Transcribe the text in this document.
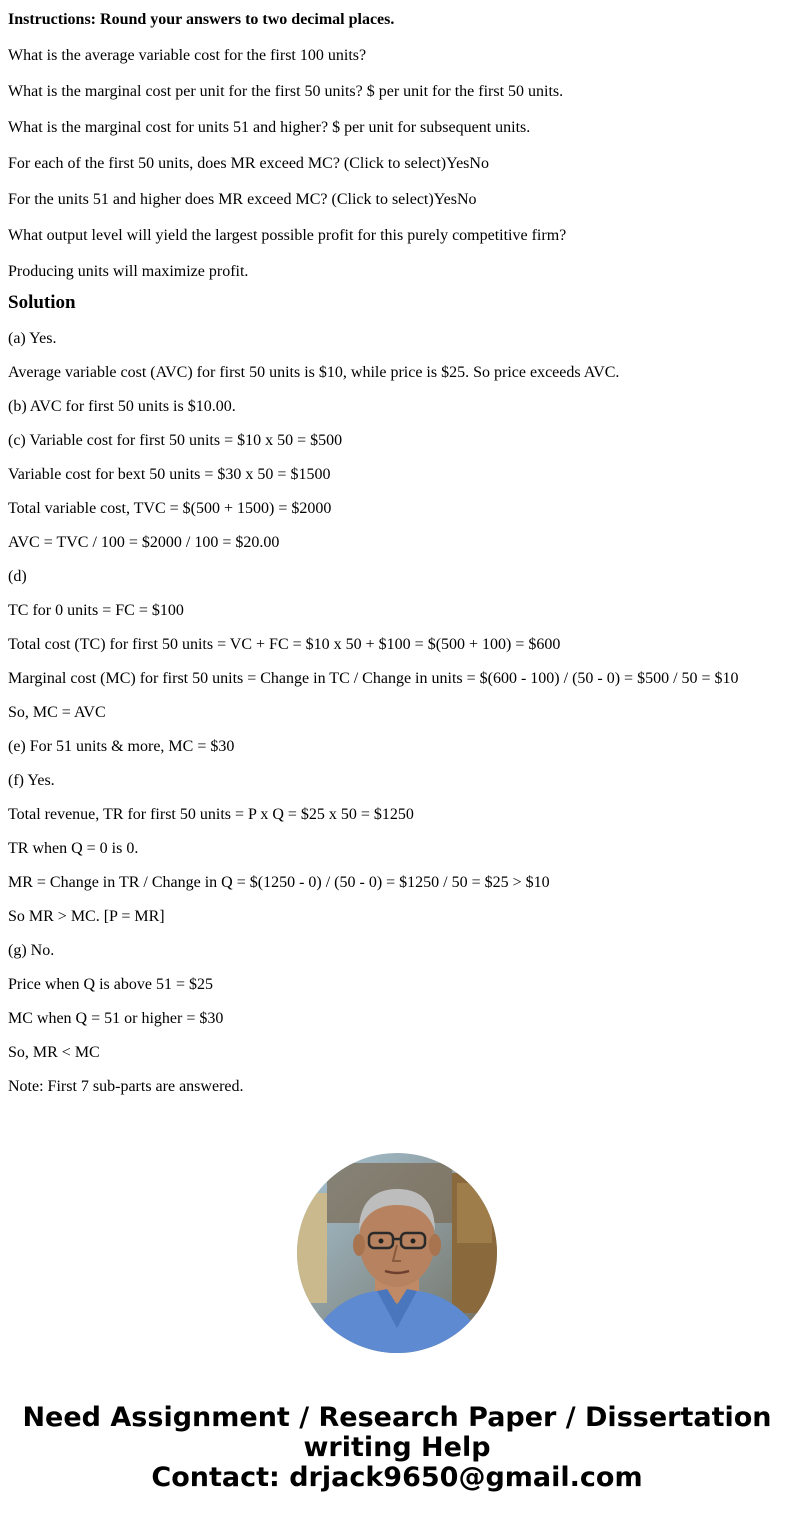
Instructions: Round your answers to two decimal places.

What is the average variable cost for the first 100 units?

What is the marginal cost per unit for the first 50 units? $ per unit for the first 50 units.

What is the marginal cost for units 51 and higher? $ per unit for subsequent units.

For each of the first 50 units, does MR exceed MC? (Click to select)YesNo

For the units 51 and higher does MR exceed MC? (Click to select)YesNo

What output level will yield the largest possible profit for this purely competitive firm?

Producing units will maximize profit.

Solution

(a) Yes.

Average variable cost (AVC) for first 50 units is $10, while price is $25. So price exceeds AVC.

(b) AVC for first 50 units is $10.00.

(c) Variable cost for first 50 units = $10 x 50 = $500

Variable cost for bext 50 units = $30 x 50 = $1500

Total variable cost, TVC = $(500 + 1500) = $2000

AVC = TVC / 100 = $2000 / 100 = $20.00

(d)

TC for 0 units = FC = $100

Total cost (TC) for first 50 units = VC + FC = $10 x 50 + $100 = $(500 + 100) = $600

Marginal cost (MC) for first 50 units = Change in TC / Change in units = $(600 - 100) / (50 - 0) = $500 / 50 = $10

So, MC = AVC

(e) For 51 units & more, MC = $30

(f) Yes.

Total revenue, TR for first 50 units = P x Q = $25 x 50 = $1250

TR when Q = 0 is 0.

MR = Change in TR / Change in Q = $(1250 - 0) / (50 - 0) = $1250 / 50 = $25 > $10

So MR > MC. [P = MR]

(g) No.

Price when Q is above 51 = $25

MC when Q = 51 or higher = $30

So, MR < MC

Note: First 7 sub-parts are answered.

Need Assignment / Research Paper / Dissertation
writing Help
Contact: drjack9650@gmail.com
